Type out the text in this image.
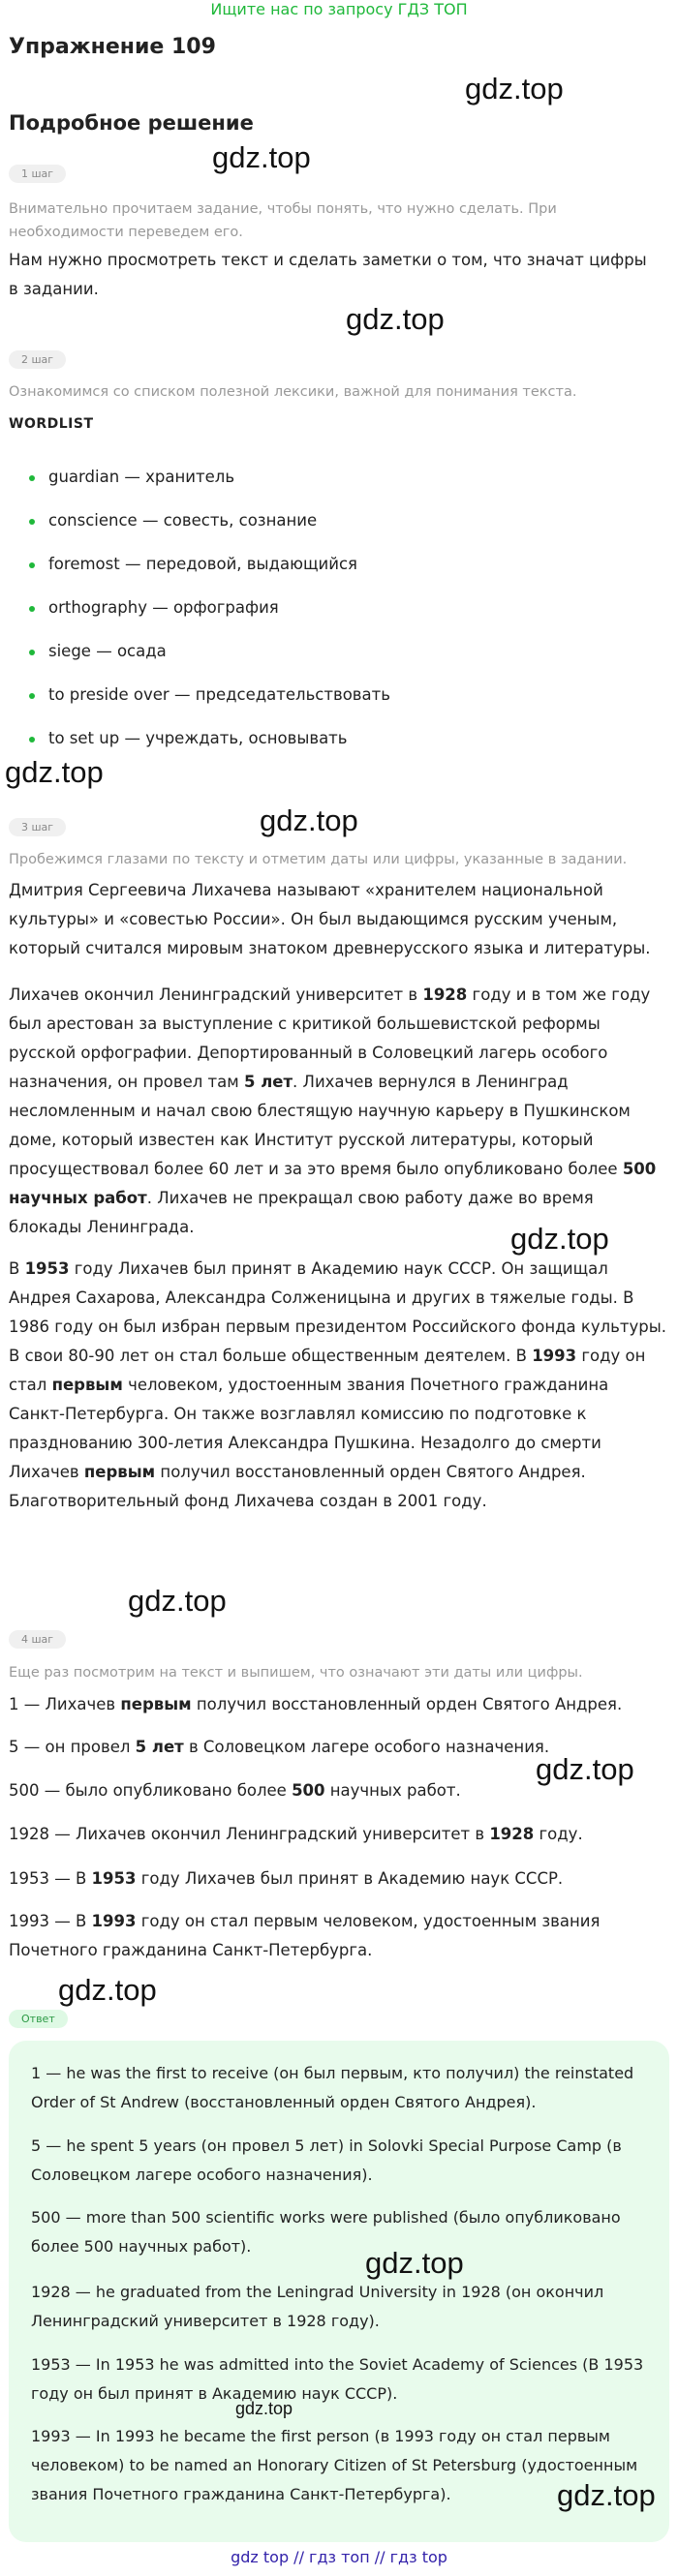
Ищите нас по запросу ГДЗ ТОП
Упражнение 109
gdz.top
Подробное решение
gdz.top
1 шаг
Внимательно прочитаем задание, чтобы понять, что нужно сделать. При необходимости переведем его.
Нам нужно просмотреть текст и сделать заметки о том, что значат цифры в задании.
gdz.top
2 шаг
Ознакомимся со списком полезной лексики, важной для понимания текста.
WORDLIST
guardian — хранитель
conscience — совесть, сознание
foremost — передовой, выдающийся
orthography — орфография
siege — осада
to preside over — председательствовать
to set up — учреждать, основывать
gdz.top
gdz.top
3 шаг
Пробежимся глазами по тексту и отметим даты или цифры, указанные в задании.
Дмитрия Сергеевича Лихачева называют «хранителем национальной культуры» и «совестью России». Он был выдающимся русским ученым, который считался мировым знатоком древнерусского языка и литературы.
Лихачев окончил Ленинградский университет в 1928 году и в том же году был арестован за выступление с критикой большевистской реформы русской орфографии. Депортированный в Соловецкий лагерь особого назначения, он провел там 5 лет. Лихачев вернулся в Ленинград несломленным и начал свою блестящую научную карьеру в Пушкинском доме, который известен как Институт русской литературы, который просуществовал более 60 лет и за это время было опубликовано более 500 научных работ. Лихачев не прекращал свою работу даже во время блокады Ленинграда.	gdz.top
В 1953 году Лихачев был принят в Академию наук СССР. Он защищал Андрея Сахарова, Александра Солженицына и других в тяжелые годы. В 1986 году он был избран первым президентом Российского фонда культуры. В свои 80-90 лет он стал больше общественным деятелем. В 1993 году он стал первым человеком, удостоенным звания Почетного гражданина Санкт-Петербурга. Он также возглавлял комиссию по подготовке к празднованию 300-летия Александра Пушкина. Незадолго до смерти Лихачев первым получил восстановленный орден Святого Андрея. Благотворительный фонд Лихачева создан в 2001 году.
gdz.top
4 шаг
Еще раз посмотрим на текст и выпишем, что означают эти даты или цифры.
1 — Лихачев первым получил восстановленный орден Святого Андрея.
5 — он провел 5 лет в Соловецком лагере особого назначения.
gdz.top
500 — было опубликовано более 500 научных работ.
1928 — Лихачев окончил Ленинградский университет в 1928 году.
1953 — В 1953 году Лихачев был принят в Академию наук СССР.
1993 — В 1993 году он стал первым человеком, удостоенным звания Почетного гражданина Санкт-Петербурга.
gdz.top
Ответ
1 — he was the first to receive (он был первым, кто получил) the reinstated Order of St Andrew (восстановленный орден Святого Андрея).
5 — he spent 5 years (он провел 5 лет) in Solovki Special Purpose Camp (в Соловецком лагере особого назначения).
500 — more than 500 scientific works were published (было опубликовано более 500 научных работ).	gdz.top
1928 — he graduated from the Leningrad University in 1928 (он окончил Ленинградский университет в 1928 году).
1953 — In 1953 he was admitted into the Soviet Academy of Sciences (В 1953 году он был принят в Академию наук СССР).
gdz.top
1993 — In 1993 he became the first person (в 1993 году он стал первым человеком) to be named an Honorary Citizen of St Petersburg (удостоенным звания Почетного гражданина Санкт-Петербурга).	gdz.top
gdz top // гдз топ // гдз top
